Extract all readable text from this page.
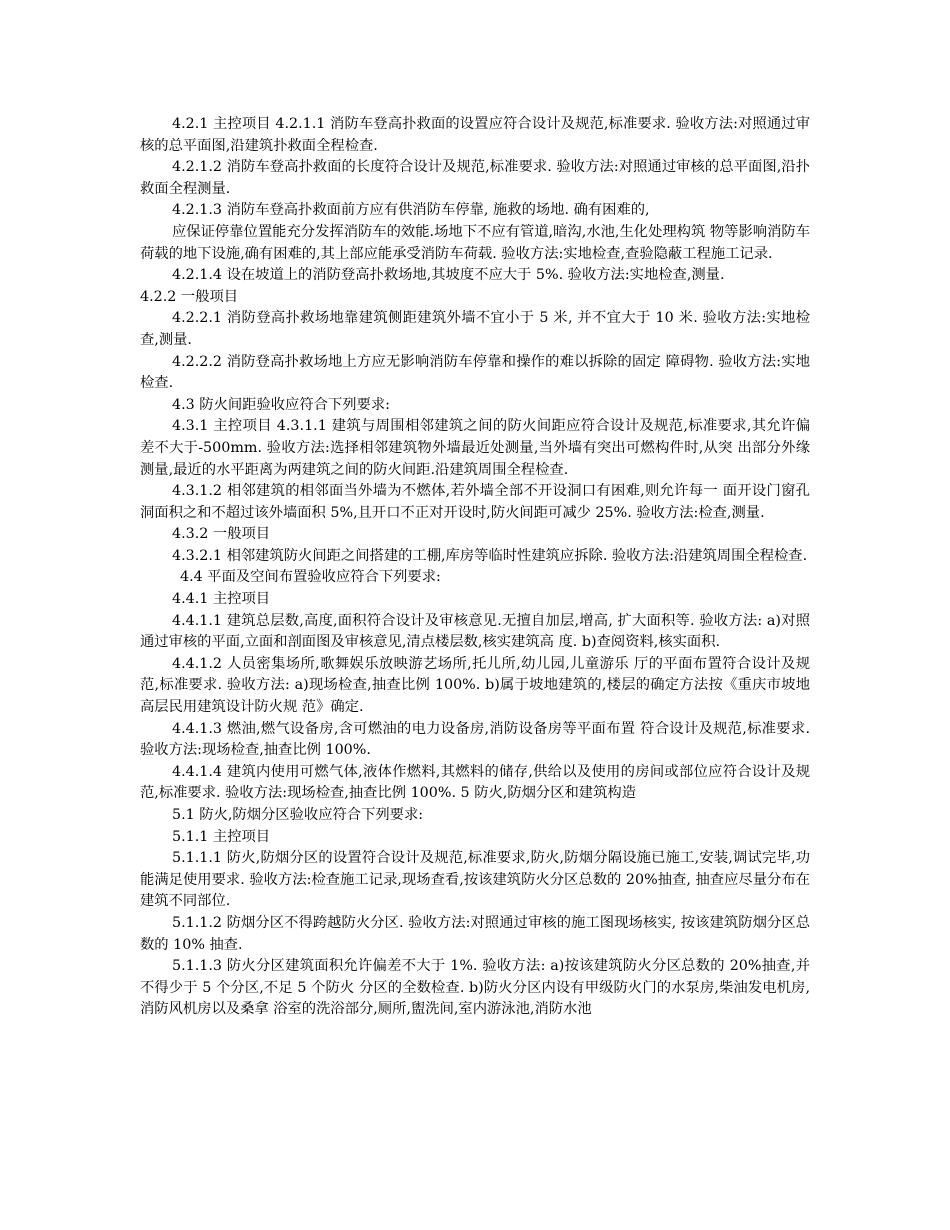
4.2.1 主控项目 4.2.1.1 消防车登高扑救面的设置应符合设计及规范,标准要求. 验收方法:对照通过审核的总平面图,沿建筑扑救面全程检查.

4.2.1.2 消防车登高扑救面的长度符合设计及规范,标准要求. 验收方法:对照通过审核的总平面图,沿扑救面全程测量.

4.2.1.3 消防车登高扑救面前方应有供消防车停靠, 施救的场地. 确有困难的,

应保证停靠位置能充分发挥消防车的效能.场地下不应有管道,暗沟,水池,生化处理构筑 物等影响消防车荷载的地下设施,确有困难的,其上部应能承受消防车荷载. 验收方法:实地检查,查验隐蔽工程施工记录.

4.2.1.4 设在坡道上的消防登高扑救场地,其坡度不应大于 5%. 验收方法:实地检查,测量.

4.2.2 一般项目

4.2.2.1 消防登高扑救场地靠建筑侧距建筑外墙不宜小于 5 米, 并不宜大于 10 米. 验收方法:实地检查,测量.

4.2.2.2 消防登高扑救场地上方应无影响消防车停靠和操作的难以拆除的固定 障碍物. 验收方法:实地检查.

4.3 防火间距验收应符合下列要求:

4.3.1 主控项目 4.3.1.1 建筑与周围相邻建筑之间的防火间距应符合设计及规范,标准要求,其允许偏差不大于-500mm. 验收方法:选择相邻建筑物外墙最近处测量,当外墙有突出可燃构件时,从突 出部分外缘测量,最近的水平距离为两建筑之间的防火间距.沿建筑周围全程检查.

4.3.1.2 相邻建筑的相邻面当外墙为不燃体,若外墙全部不开设洞口有困难,则允许每一 面开设门窗孔洞面积之和不超过该外墙面积 5%,且开口不正对开设时,防火间距可减少 25%. 验收方法:检查,测量.

4.3.2 一般项目

4.3.2.1 相邻建筑防火间距之间搭建的工棚,库房等临时性建筑应拆除. 验收方法:沿建筑周围全程检查.

4.4 平面及空间布置验收应符合下列要求:

4.4.1 主控项目

4.4.1.1 建筑总层数,高度,面积符合设计及审核意见.无擅自加层,增高, 扩大面积等. 验收方法: a)对照通过审核的平面,立面和剖面图及审核意见,清点楼层数,核实建筑高 度. b)查阅资料,核实面积.

4.4.1.2 人员密集场所,歌舞娱乐放映游艺场所,托儿所,幼儿园,儿童游乐 厅的平面布置符合设计及规范,标准要求. 验收方法: a)现场检查,抽查比例 100%. b)属于坡地建筑的,楼层的确定方法按《重庆市坡地高层民用建筑设计防火规 范》确定.

4.4.1.3 燃油,燃气设备房,含可燃油的电力设备房,消防设备房等平面布置 符合设计及规范,标准要求. 验收方法:现场检查,抽查比例 100%.

4.4.1.4 建筑内使用可燃气体,液体作燃料,其燃料的储存,供给以及使用的房间或部位应符合设计及规范,标准要求. 验收方法:现场检查,抽查比例 100%. 5 防火,防烟分区和建筑构造

5.1 防火,防烟分区验收应符合下列要求:

5.1.1 主控项目

5.1.1.1 防火,防烟分区的设置符合设计及规范,标准要求,防火,防烟分隔设施已施工,安装,调试完毕,功能满足使用要求. 验收方法:检查施工记录,现场查看,按该建筑防火分区总数的 20%抽查, 抽查应尽量分布在建筑不同部位.

5.1.1.2 防烟分区不得跨越防火分区. 验收方法:对照通过审核的施工图现场核实, 按该建筑防烟分区总数的 10% 抽查.

5.1.1.3 防火分区建筑面积允许偏差不大于 1%. 验收方法: a)按该建筑防火分区总数的 20%抽查,并不得少于 5 个分区,不足 5 个防火 分区的全数检查. b)防火分区内设有甲级防火门的水泵房,柴油发电机房,消防风机房以及桑拿 浴室的洗浴部分,厕所,盥洗间,室内游泳池,消防水池
